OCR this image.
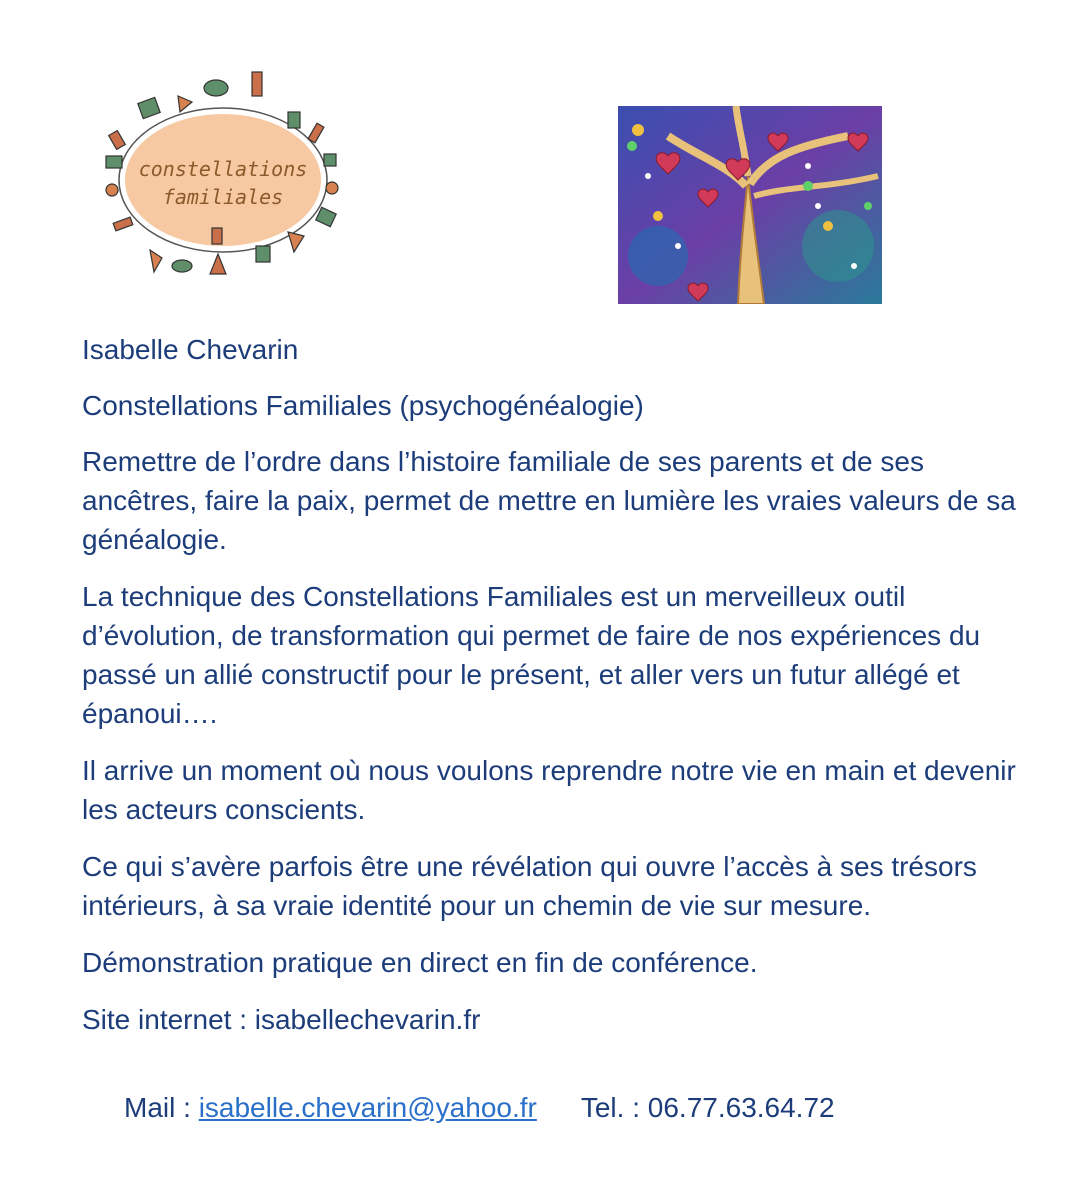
constellations
familiales

Isabelle Chevarin

Constellations Familiales (psychogénéalogie)

Remettre de l’ordre dans l’histoire familiale de ses parents et de ses ancêtres, faire la paix, permet de mettre en lumière les vraies valeurs de sa généalogie.

La technique des Constellations Familiales est un merveilleux outil d’évolution, de transformation qui permet de faire de nos expériences du passé un allié constructif pour le présent, et aller vers un futur allégé et épanoui….

Il arrive un moment où nous voulons reprendre notre vie en main et devenir les acteurs conscients.

Ce qui s’avère parfois être une révélation qui ouvre l’accès à ses trésors intérieurs, à sa vraie identité pour un chemin de vie sur mesure.

Démonstration pratique en direct en fin de conférence.

Site internet : isabellechevarin.fr

Mail : isabelle.chevarin@yahoo.fr Tel. : 06.77.63.64.72
